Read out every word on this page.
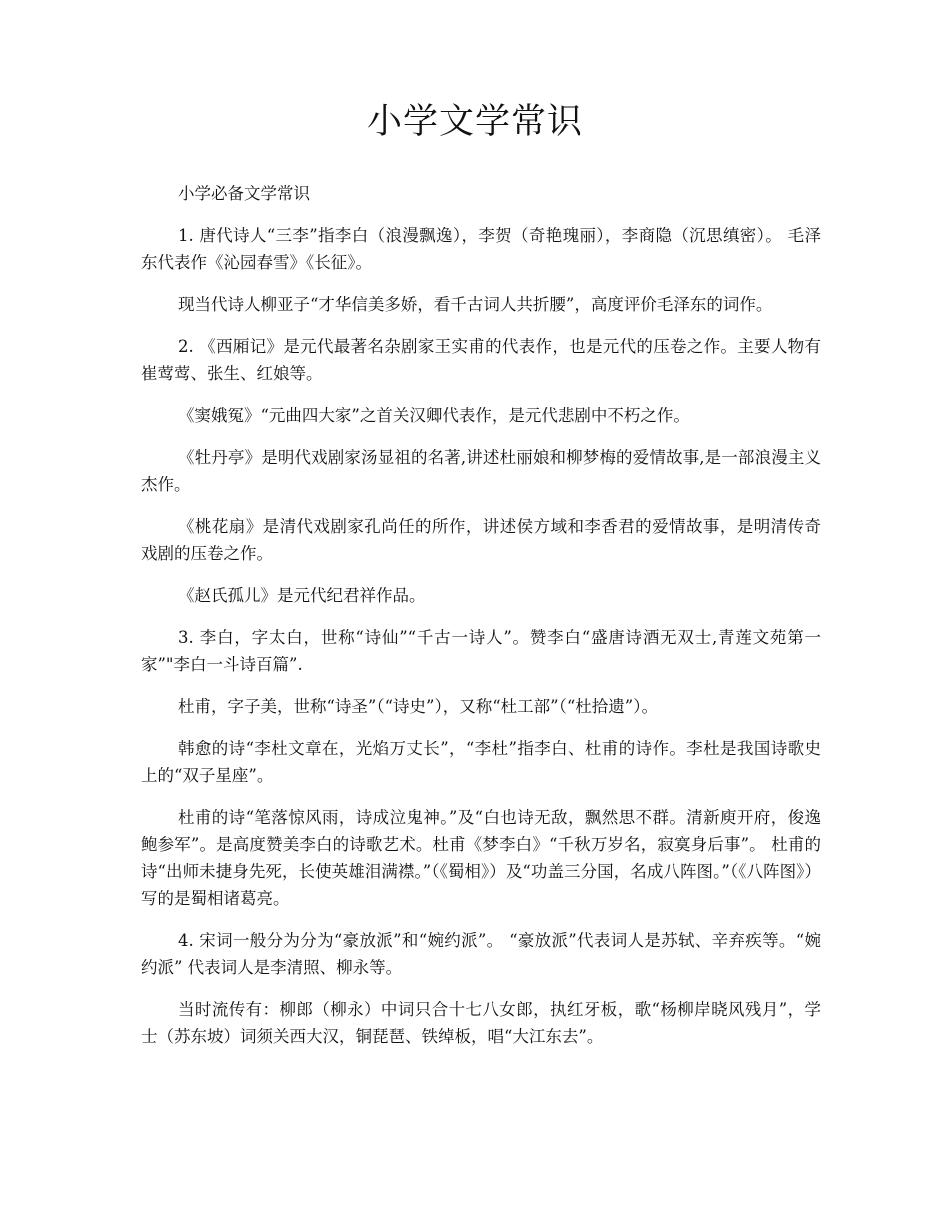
小学文学常识

小学必备文学常识

1. 唐代诗人“三李”指李白（浪漫飘逸），李贺（奇艳瑰丽），李商隐（沉思缜密）。 毛泽东代表作《沁园春雪》《长征》。

现当代诗人柳亚子“才华信美多娇，看千古词人共折腰”，高度评价毛泽东的词作。

2. 《西厢记》是元代最著名杂剧家王实甫的代表作，也是元代的压卷之作。主要人物有崔莺莺、张生、红娘等。

《窦娥冤》“元曲四大家”之首关汉卿代表作，是元代悲剧中不朽之作。

《牡丹亭》是明代戏剧家汤显祖的名著,讲述杜丽娘和柳梦梅的爱情故事,是一部浪漫主义杰作。

《桃花扇》是清代戏剧家孔尚任的所作，讲述侯方域和李香君的爱情故事，是明清传奇戏剧的压卷之作。

《赵氏孤儿》是元代纪君祥作品。

3. 李白，字太白，世称“诗仙”“千古一诗人”。赞李白“盛唐诗酒无双士,青莲文苑第一家”"李白一斗诗百篇”.

杜甫，字子美，世称“诗圣”（“诗史”），又称“杜工部”（“杜拾遗”）。

韩愈的诗“李杜文章在，光焰万丈长”，“李杜”指李白、杜甫的诗作。李杜是我国诗歌史上的“双子星座”。

杜甫的诗“笔落惊风雨，诗成泣鬼神。”及“白也诗无敌，飘然思不群。清新庾开府，俊逸鲍参军”。是高度赞美李白的诗歌艺术。杜甫《梦李白》“千秋万岁名，寂寞身后事”。 杜甫的诗“出师未捷身先死，长使英雄泪满襟。”（《蜀相》）及“功盖三分国，名成八阵图。”（《八阵图》）写的是蜀相诸葛亮。

4. 宋词一般分为分为“豪放派”和“婉约派”。 “豪放派”代表词人是苏轼、辛弃疾等。“婉约派” 代表词人是李清照、柳永等。

当时流传有：柳郎（柳永）中词只合十七八女郎，执红牙板，歌“杨柳岸晓风残月”，学士（苏东坡）词须关西大汉，铜琵琶、铁绰板，唱“大江东去”。
